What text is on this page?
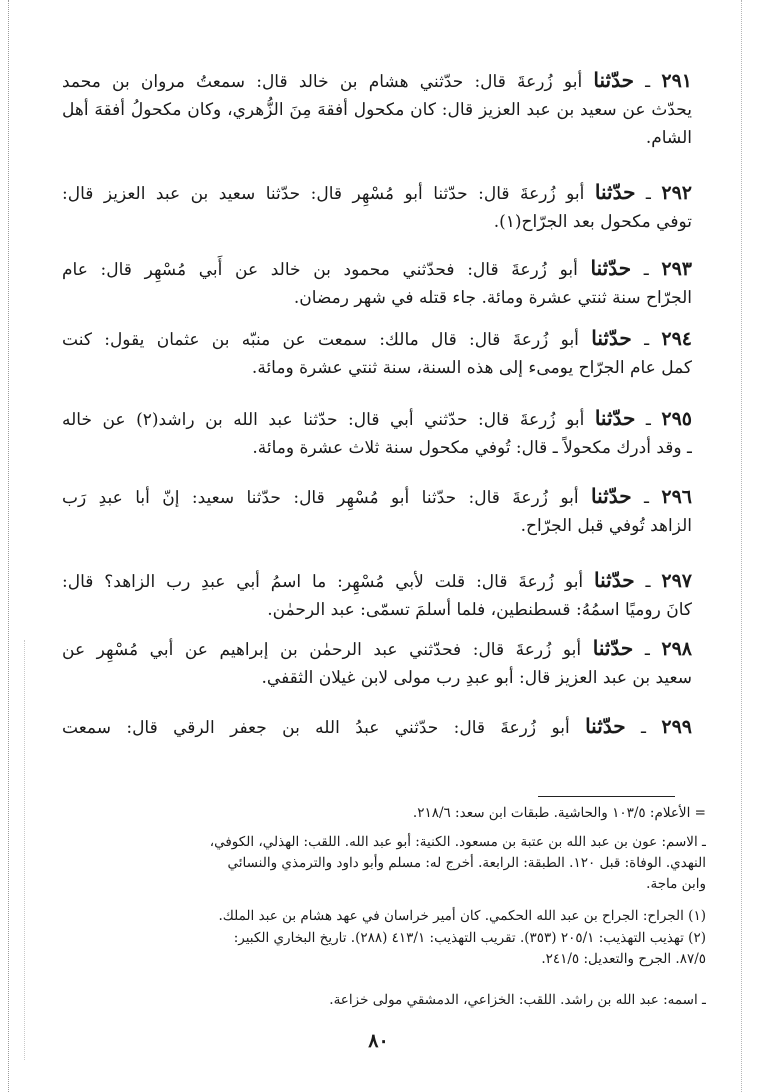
٢٩١ ـ حدّثنا أبو زُرعةَ قال: حدّثني هشام بن خالد قال: سمعتُ مروان بن محمد
يحدّث عن سعيد بن عبد العزيز قال: كان مكحول أفقهَ مِنَ الزُّهري، وكان مكحولُ أفقهَ أهل
الشام.
٢٩٢ ـ حدّثنا أبو زُرعةَ قال: حدّثنا أبو مُسْهِر قال: حدّثنا سعيد بن عبد العزيز قال:
توفي مكحول بعد الجرّاح(١).
٢٩٣ ـ حدّثنا أبو زُرعةَ قال: فحدّثني محمود بن خالد عن أَبي مُسْهِر قال: عام
الجرّاح سنة ثنتي عشرة ومائة. جاء قتله في شهر رمضان.
٢٩٤ ـ حدّثنا أبو زُرعةَ قال: قال مالك: سمعت عن منبّه بن عثمان يقول: كنت
كمل عام الجرّاح يومىء إلى هذه السنة، سنة ثنتي عشرة ومائة.
٢٩٥ ـ حدّثنا أبو زُرعةَ قال: حدّثني أبي قال: حدّثنا عبد الله بن راشد(٢) عن خاله
ـ وقد أدرك مكحولاً ـ قال: تُوفي مكحول سنة ثلاث عشرة ومائة.
٢٩٦ ـ حدّثنا أبو زُرعةَ قال: حدّثنا أبو مُسْهِر قال: حدّثنا سعيد: إنّ أبا عبدِ رَب
الزاهد تُوفي قبل الجرّاح.
٢٩٧ ـ حدّثنا أبو زُرعةَ قال: قلت لأبي مُسْهِر: ما اسمُ أبي عبدِ رب الزاهد؟ قال:
كانَ روميًا اسمُهُ: قسطنطين، فلما أسلمَ تسمّى: عبد الرحمٰن.
٢٩٨ ـ حدّثنا أبو زُرعةَ قال: فحدّثني عبد الرحمٰن بن إبراهيم عن أبي مُسْهِر عن
سعيد بن عبد العزيز قال: أبو عبدِ رب مولى لابن غيلان الثقفي.
٢٩٩ ـ حدّثنا أبو زُرعةَ قال: حدّثني عبدُ الله بن جعفر الرقي قال: سمعت
= الأعلام: ١٠٣/٥ والحاشية. طبقات ابن سعد: ٢١٨/٦.
ـ الاسم: عون بن عبد الله بن عتبة بن مسعود. الكنية: أبو عبد الله. اللقب: الهذلي، الكوفي،
النهدي. الوفاة: قبل ١٢٠. الطبقة: الرابعة. أخرج له: مسلم وأبو داود والترمذي والنسائي
وابن ماجة.
(١) الجراح: الجراح بن عبد الله الحكمي. كان أمير خراسان في عهد هشام بن عبد الملك.
(٢) تهذيب التهذيب: ٢٠٥/١ (٣٥٣). تقريب التهذيب: ٤١٣/١ (٢٨٨). تاريخ البخاري الكبير:
٨٧/٥. الجرح والتعديل: ٢٤١/٥.
ـ اسمه: عبد الله بن راشد. اللقب: الخزاعي، الدمشقي مولى خزاعة.
٨٠
